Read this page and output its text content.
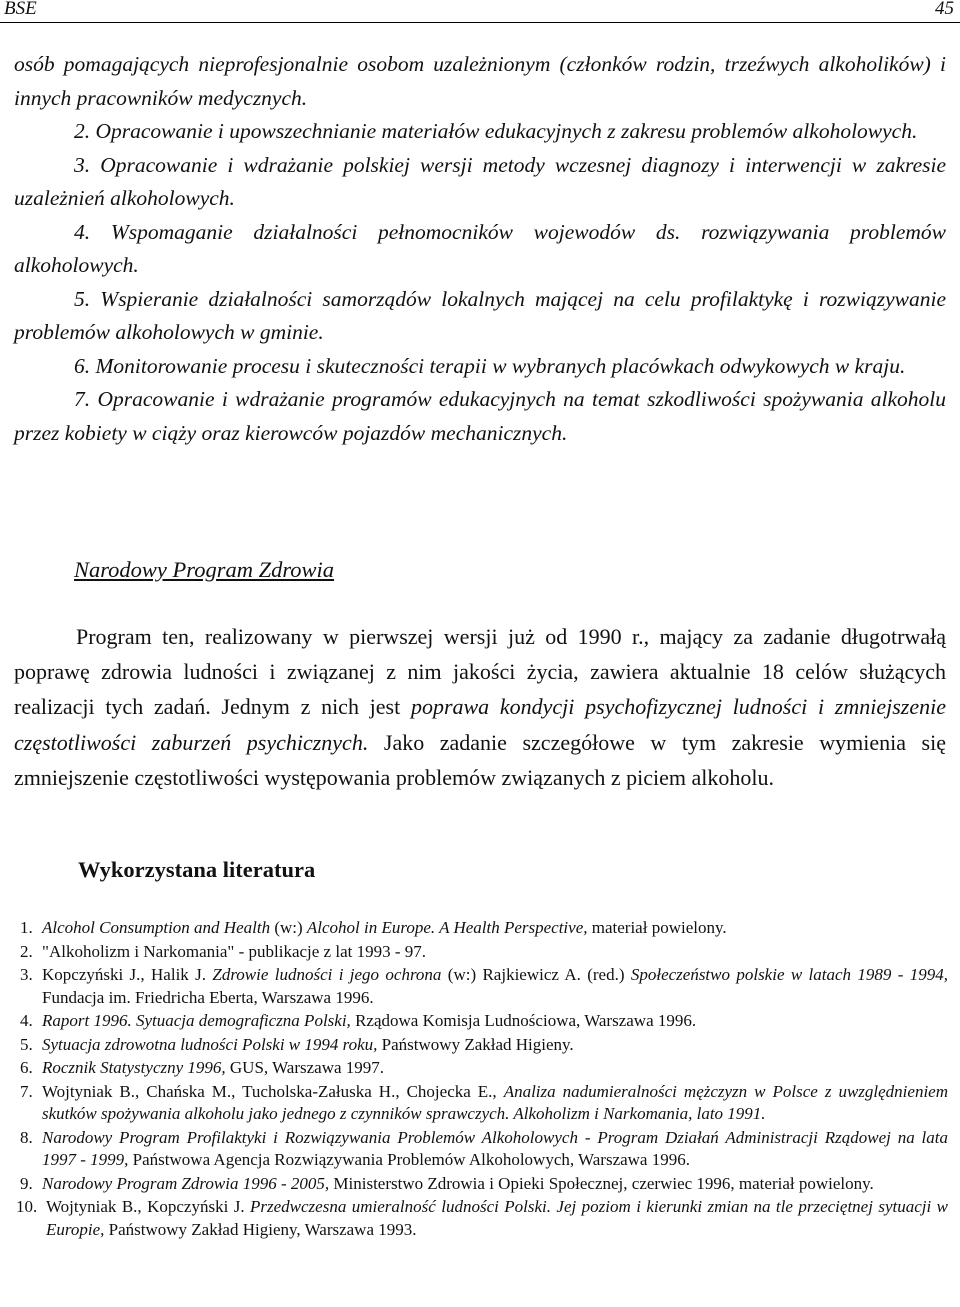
BSE	45

osób pomagających nieprofesjonalnie osobom uzależnionym (członków rodzin, trzeźwych alkoholików) i innych pracowników medycznych.

2. Opracowanie i upowszechnianie materiałów edukacyjnych z zakresu problemów alkoholowych.

3. Opracowanie i wdrażanie polskiej wersji metody wczesnej diagnozy i interwencji w zakresie uzależnień alkoholowych.

4. Wspomaganie działalności pełnomocników wojewodów ds. rozwiązywania problemów alkoholowych.

5. Wspieranie działalności samorządów lokalnych mającej na celu profilaktykę i rozwiązywanie problemów alkoholowych w gminie.

6. Monitorowanie procesu i skuteczności terapii w wybranych placówkach odwykowych w kraju.

7. Opracowanie i wdrażanie programów edukacyjnych na temat szkodliwości spożywania alkoholu przez kobiety w ciąży oraz kierowców pojazdów mechanicznych.

Narodowy Program Zdrowia

Program ten, realizowany w pierwszej wersji już od 1990 r., mający za zadanie długotrwałą poprawę zdrowia ludności i związanej z nim jakości życia, zawiera aktualnie 18 celów służących realizacji tych zadań. Jednym z nich jest poprawa kondycji psychofizycznej ludności i zmniejszenie częstotliwości zaburzeń psychicznych. Jako zadanie szczegółowe w tym zakresie wymienia się zmniejszenie częstotliwości występowania problemów związanych z piciem alkoholu.

Wykorzystana literatura

1. Alcohol Consumption and Health (w:) Alcohol in Europe. A Health Perspective, materiał powielony.

2. "Alkoholizm i Narkomania" - publikacje z lat 1993 - 97.

3. Kopczyński J., Halik J. Zdrowie ludności i jego ochrona (w:) Rajkiewicz A. (red.) Społeczeństwo polskie w latach 1989 - 1994, Fundacja im. Friedricha Eberta, Warszawa 1996.

4. Raport 1996. Sytuacja demograficzna Polski, Rządowa Komisja Ludnościowa, Warszawa 1996.

5. Sytuacja zdrowotna ludności Polski w 1994 roku, Państwowy Zakład Higieny.

6. Rocznik Statystyczny 1996, GUS, Warszawa 1997.

7. Wojtyniak B., Chańska M., Tucholska-Załuska H., Chojecka E., Analiza nadumieralności mężczyzn w Polsce z uwzględnieniem skutków spożywania alkoholu jako jednego z czynników sprawczych. Alkoholizm i Narkomania, lato 1991.

8. Narodowy Program Profilaktyki i Rozwiązywania Problemów Alkoholowych - Program Działań Administracji Rządowej na lata 1997 - 1999, Państwowa Agencja Rozwiązywania Problemów Alkoholowych, Warszawa 1996.

9. Narodowy Program Zdrowia 1996 - 2005, Ministerstwo Zdrowia i Opieki Społecznej, czerwiec 1996, materiał powielony.

10. Wojtyniak B., Kopczyński J. Przedwczesna umieralność ludności Polski. Jej poziom i kierunki zmian na tle przeciętnej sytuacji w Europie, Państwowy Zakład Higieny, Warszawa 1993.
